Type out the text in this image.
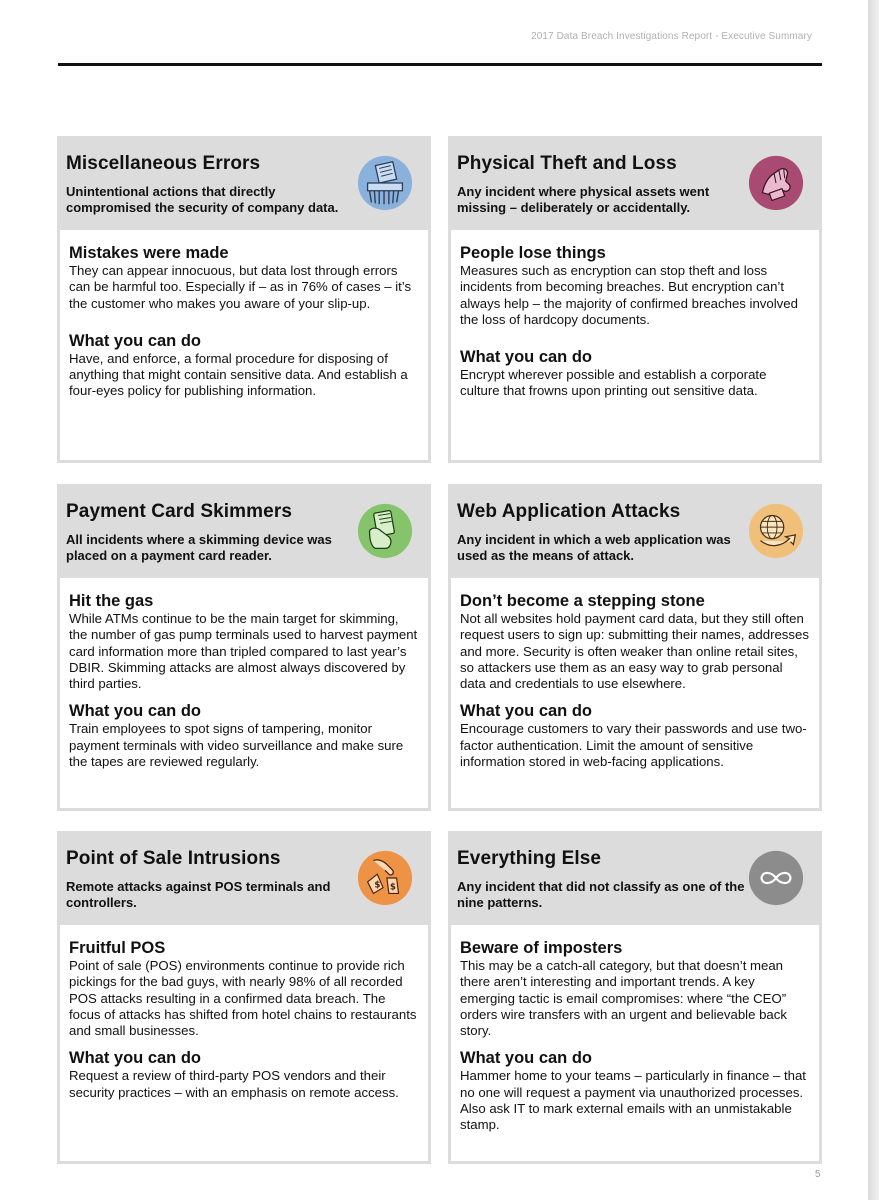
2017 Data Breach Investigations Report - Executive Summary
Miscellaneous Errors
Unintentional actions that directly compromised the security of company data.
Mistakes were made
They can appear innocuous, but data lost through errors can be harmful too. Especially if – as in 76% of cases – it’s the customer who makes you aware of your slip-up.
What you can do
Have, and enforce, a formal procedure for disposing of anything that might contain sensitive data. And establish a four-eyes policy for publishing information.
Physical Theft and Loss
Any incident where physical assets went missing – deliberately or accidentally.
People lose things
Measures such as encryption can stop theft and loss incidents from becoming breaches. But encryption can’t always help – the majority of confirmed breaches involved the loss of hardcopy documents.
What you can do
Encrypt wherever possible and establish a corporate culture that frowns upon printing out sensitive data.
Payment Card Skimmers
All incidents where a skimming device was placed on a payment card reader.
Hit the gas
While ATMs continue to be the main target for skimming, the number of gas pump terminals used to harvest payment card information more than tripled compared to last year’s DBIR. Skimming attacks are almost always discovered by third parties.
What you can do
Train employees to spot signs of tampering, monitor payment terminals with video surveillance and make sure the tapes are reviewed regularly.
Web Application Attacks
Any incident in which a web application was used as the means of attack.
Don’t become a stepping stone
Not all websites hold payment card data, but they still often request users to sign up: submitting their names, addresses and more. Security is often weaker than online retail sites, so attackers use them as an easy way to grab personal data and credentials to use elsewhere.
What you can do
Encourage customers to vary their passwords and use two-factor authentication. Limit the amount of sensitive information stored in web-facing applications.
Point of Sale Intrusions
Remote attacks against POS terminals and controllers.
$ $
Fruitful POS
Point of sale (POS) environments continue to provide rich pickings for the bad guys, with nearly 98% of all recorded POS attacks resulting in a confirmed data breach. The focus of attacks has shifted from hotel chains to restaurants and small businesses.
What you can do
Request a review of third-party POS vendors and their security practices – with an emphasis on remote access.
Everything Else
Any incident that did not classify as one of the nine patterns.
Beware of imposters
This may be a catch-all category, but that doesn’t mean there aren’t interesting and important trends. A key emerging tactic is email compromises: where “the CEO” orders wire transfers with an urgent and believable back story.
What you can do
Hammer home to your teams – particularly in finance – that no one will request a payment via unauthorized processes. Also ask IT to mark external emails with an unmistakable stamp.
5
